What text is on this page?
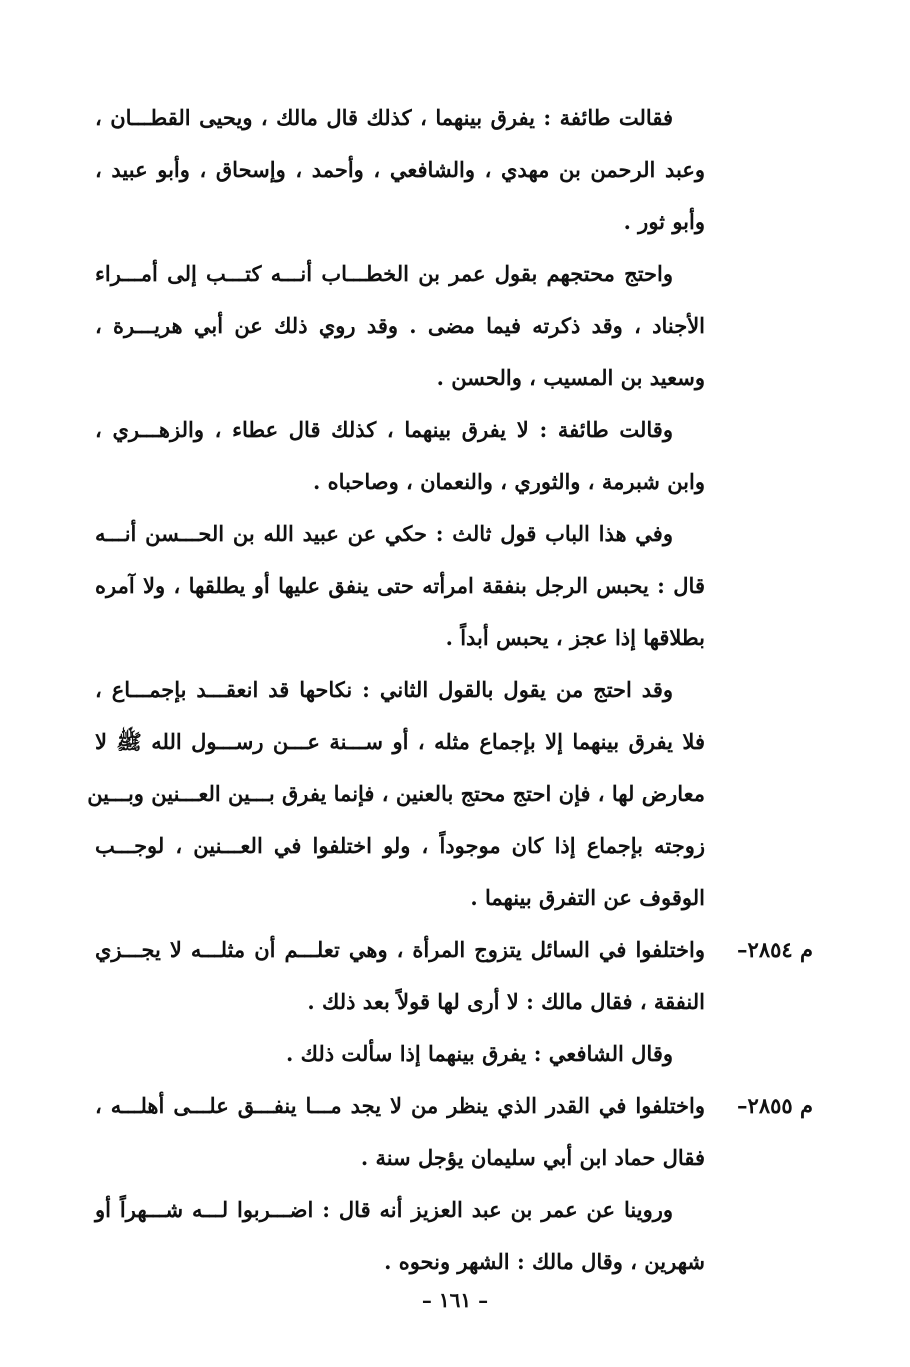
فقالت طائفة : يفرق بينهما ، كذلك قال مالك ، ويحيى القطـــان ،
وعبد الرحمن بن مهدي ، والشافعي ، وأحمد ، وإسحاق ، وأبو عبيد ،
وأبو ثور .
واحتج محتجهم بقول عمر بن الخطـــاب أنـــه كتـــب إلى أمـــراء
الأجناد ، وقد ذكرته فيما مضى . وقد روي ذلك عن أبي هريـــرة ،
وسعيد بن المسيب ، والحسن .
وقالت طائفة : لا يفرق بينهما ، كذلك قال عطاء ، والزهـــري ،
وابن شبرمة ، والثوري ، والنعمان ، وصاحباه .
وفي هذا الباب قول ثالث : حكي عن عبيد الله بن الحـــسن أنـــه
قال : يحبس الرجل بنفقة امرأته حتى ينفق عليها أو يطلقها ، ولا آمره
بطلاقها إذا عجز ، يحبس أبداً .
وقد احتج من يقول بالقول الثاني : نكاحها قد انعقـــد بإجمـــاع ،
فلا يفرق بينهما إلا بإجماع مثله ، أو ســـنة عـــن رســـول الله ﷺ لا
معارض لها ، فإن احتج محتج بالعنين ، فإنما يفرق بـــين العـــنين وبـــين
زوجته بإجماع إذا كان موجوداً ، ولو اختلفوا في العـــنين ، لوجـــب
الوقوف عن التفرق بينهما .
م ٢٨٥٤–
واختلفوا في السائل يتزوج المرأة ، وهي تعلـــم أن مثلـــه لا يجـــزي
النفقة ، فقال مالك : لا أرى لها قولاً بعد ذلك .
وقال الشافعي : يفرق بينهما إذا سألت ذلك .
م ٢٨٥٥–
واختلفوا في القدر الذي ينظر من لا يجد مـــا ينفـــق علـــى أهلـــه ،
فقال حماد ابن أبي سليمان يؤجل سنة .
وروينا عن عمر بن عبد العزيز أنه قال : اضـــربوا لـــه شـــهراً أو
شهرين ، وقال مالك : الشهر ونحوه .
– ١٦١ –
